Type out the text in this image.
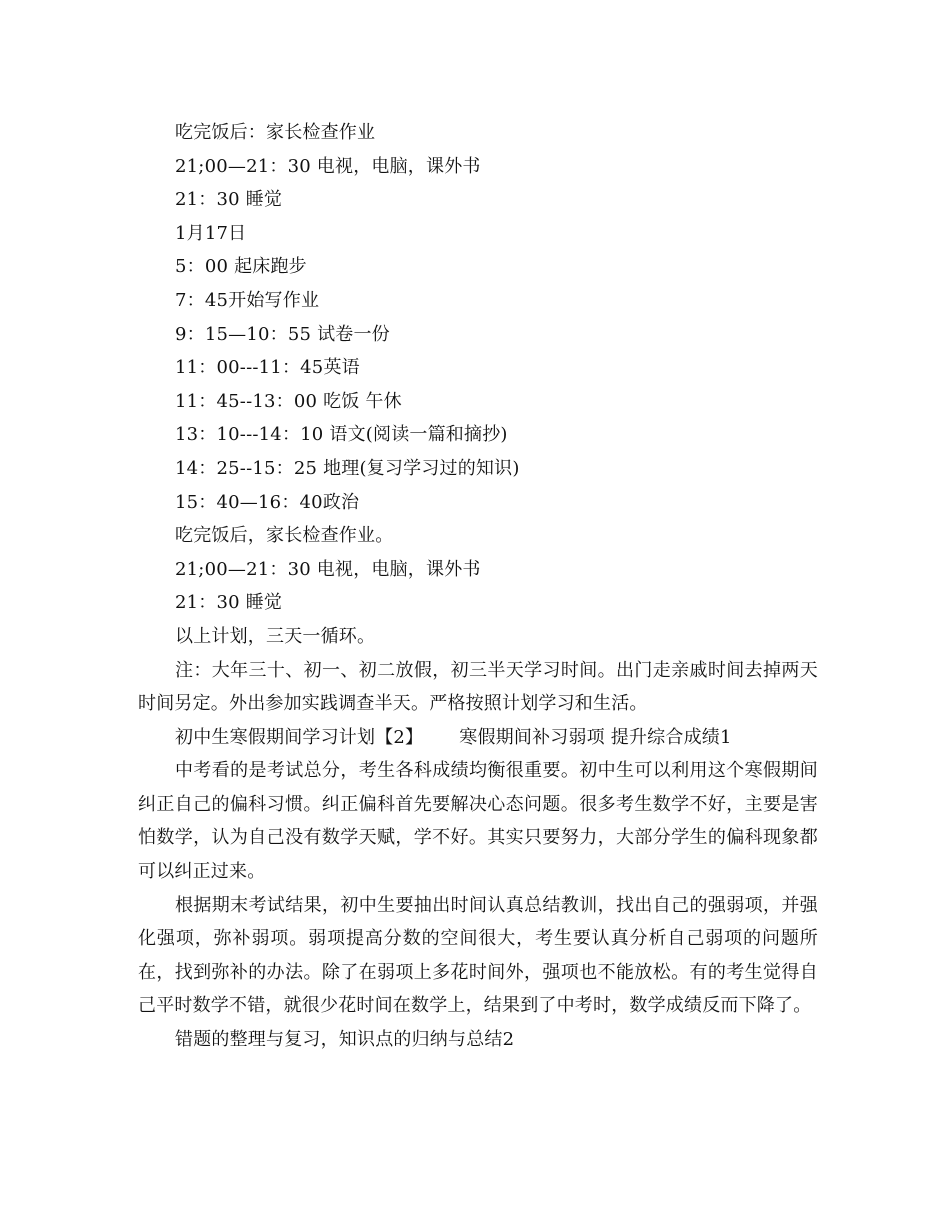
吃完饭后：家长检查作业

21;00—21：30 电视，电脑，课外书

21：30 睡觉

1月17日

5：00 起床跑步

7：45开始写作业

9：15—10：55 试卷一份

11：00---11：45英语

11：45--13：00 吃饭 午休

13：10---14：10 语文(阅读一篇和摘抄)

14：25--15：25 地理(复习学习过的知识)

15：40—16：40政治

吃完饭后，家长检查作业。

21;00—21：30 电视，电脑，课外书

21：30 睡觉

以上计划，三天一循环。

注：大年三十、初一、初二放假，初三半天学习时间。出门走亲戚时间去掉两天时间另定。外出参加实践调查半天。严格按照计划学习和生活。

初中生寒假期间学习计划【2】 寒假期间补习弱项 提升综合成绩1

中考看的是考试总分，考生各科成绩均衡很重要。初中生可以利用这个寒假期间纠正自己的偏科习惯。纠正偏科首先要解决心态问题。很多考生数学不好，主要是害怕数学，认为自己没有数学天赋，学不好。其实只要努力，大部分学生的偏科现象都可以纠正过来。

根据期末考试结果，初中生要抽出时间认真总结教训，找出自己的强弱项，并强化强项，弥补弱项。弱项提高分数的空间很大，考生要认真分析自己弱项的问题所在，找到弥补的办法。除了在弱项上多花时间外，强项也不能放松。有的考生觉得自己平时数学不错，就很少花时间在数学上，结果到了中考时，数学成绩反而下降了。

错题的整理与复习，知识点的归纳与总结2
